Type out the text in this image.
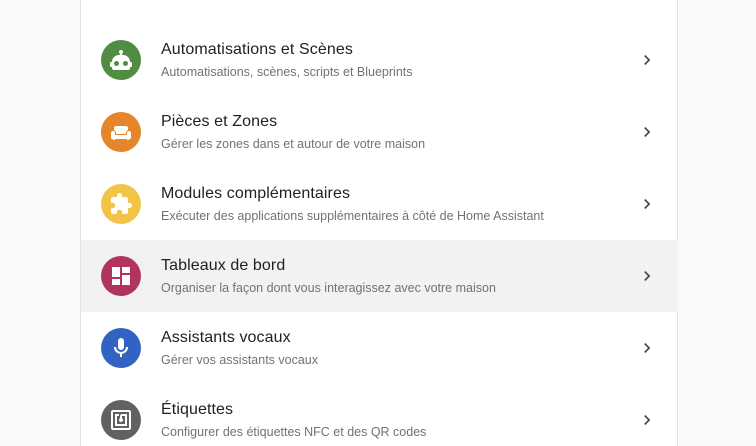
Automatisations et Scènes
Automatisations, scènes, scripts et Blueprints
Pièces et Zones
Gérer les zones dans et autour de votre maison
Modules complémentaires
Exécuter des applications supplémentaires à côté de Home Assistant
Tableaux de bord
Organiser la façon dont vous interagissez avec votre maison
Assistants vocaux
Gérer vos assistants vocaux
Étiquettes
Configurer des étiquettes NFC et des QR codes
